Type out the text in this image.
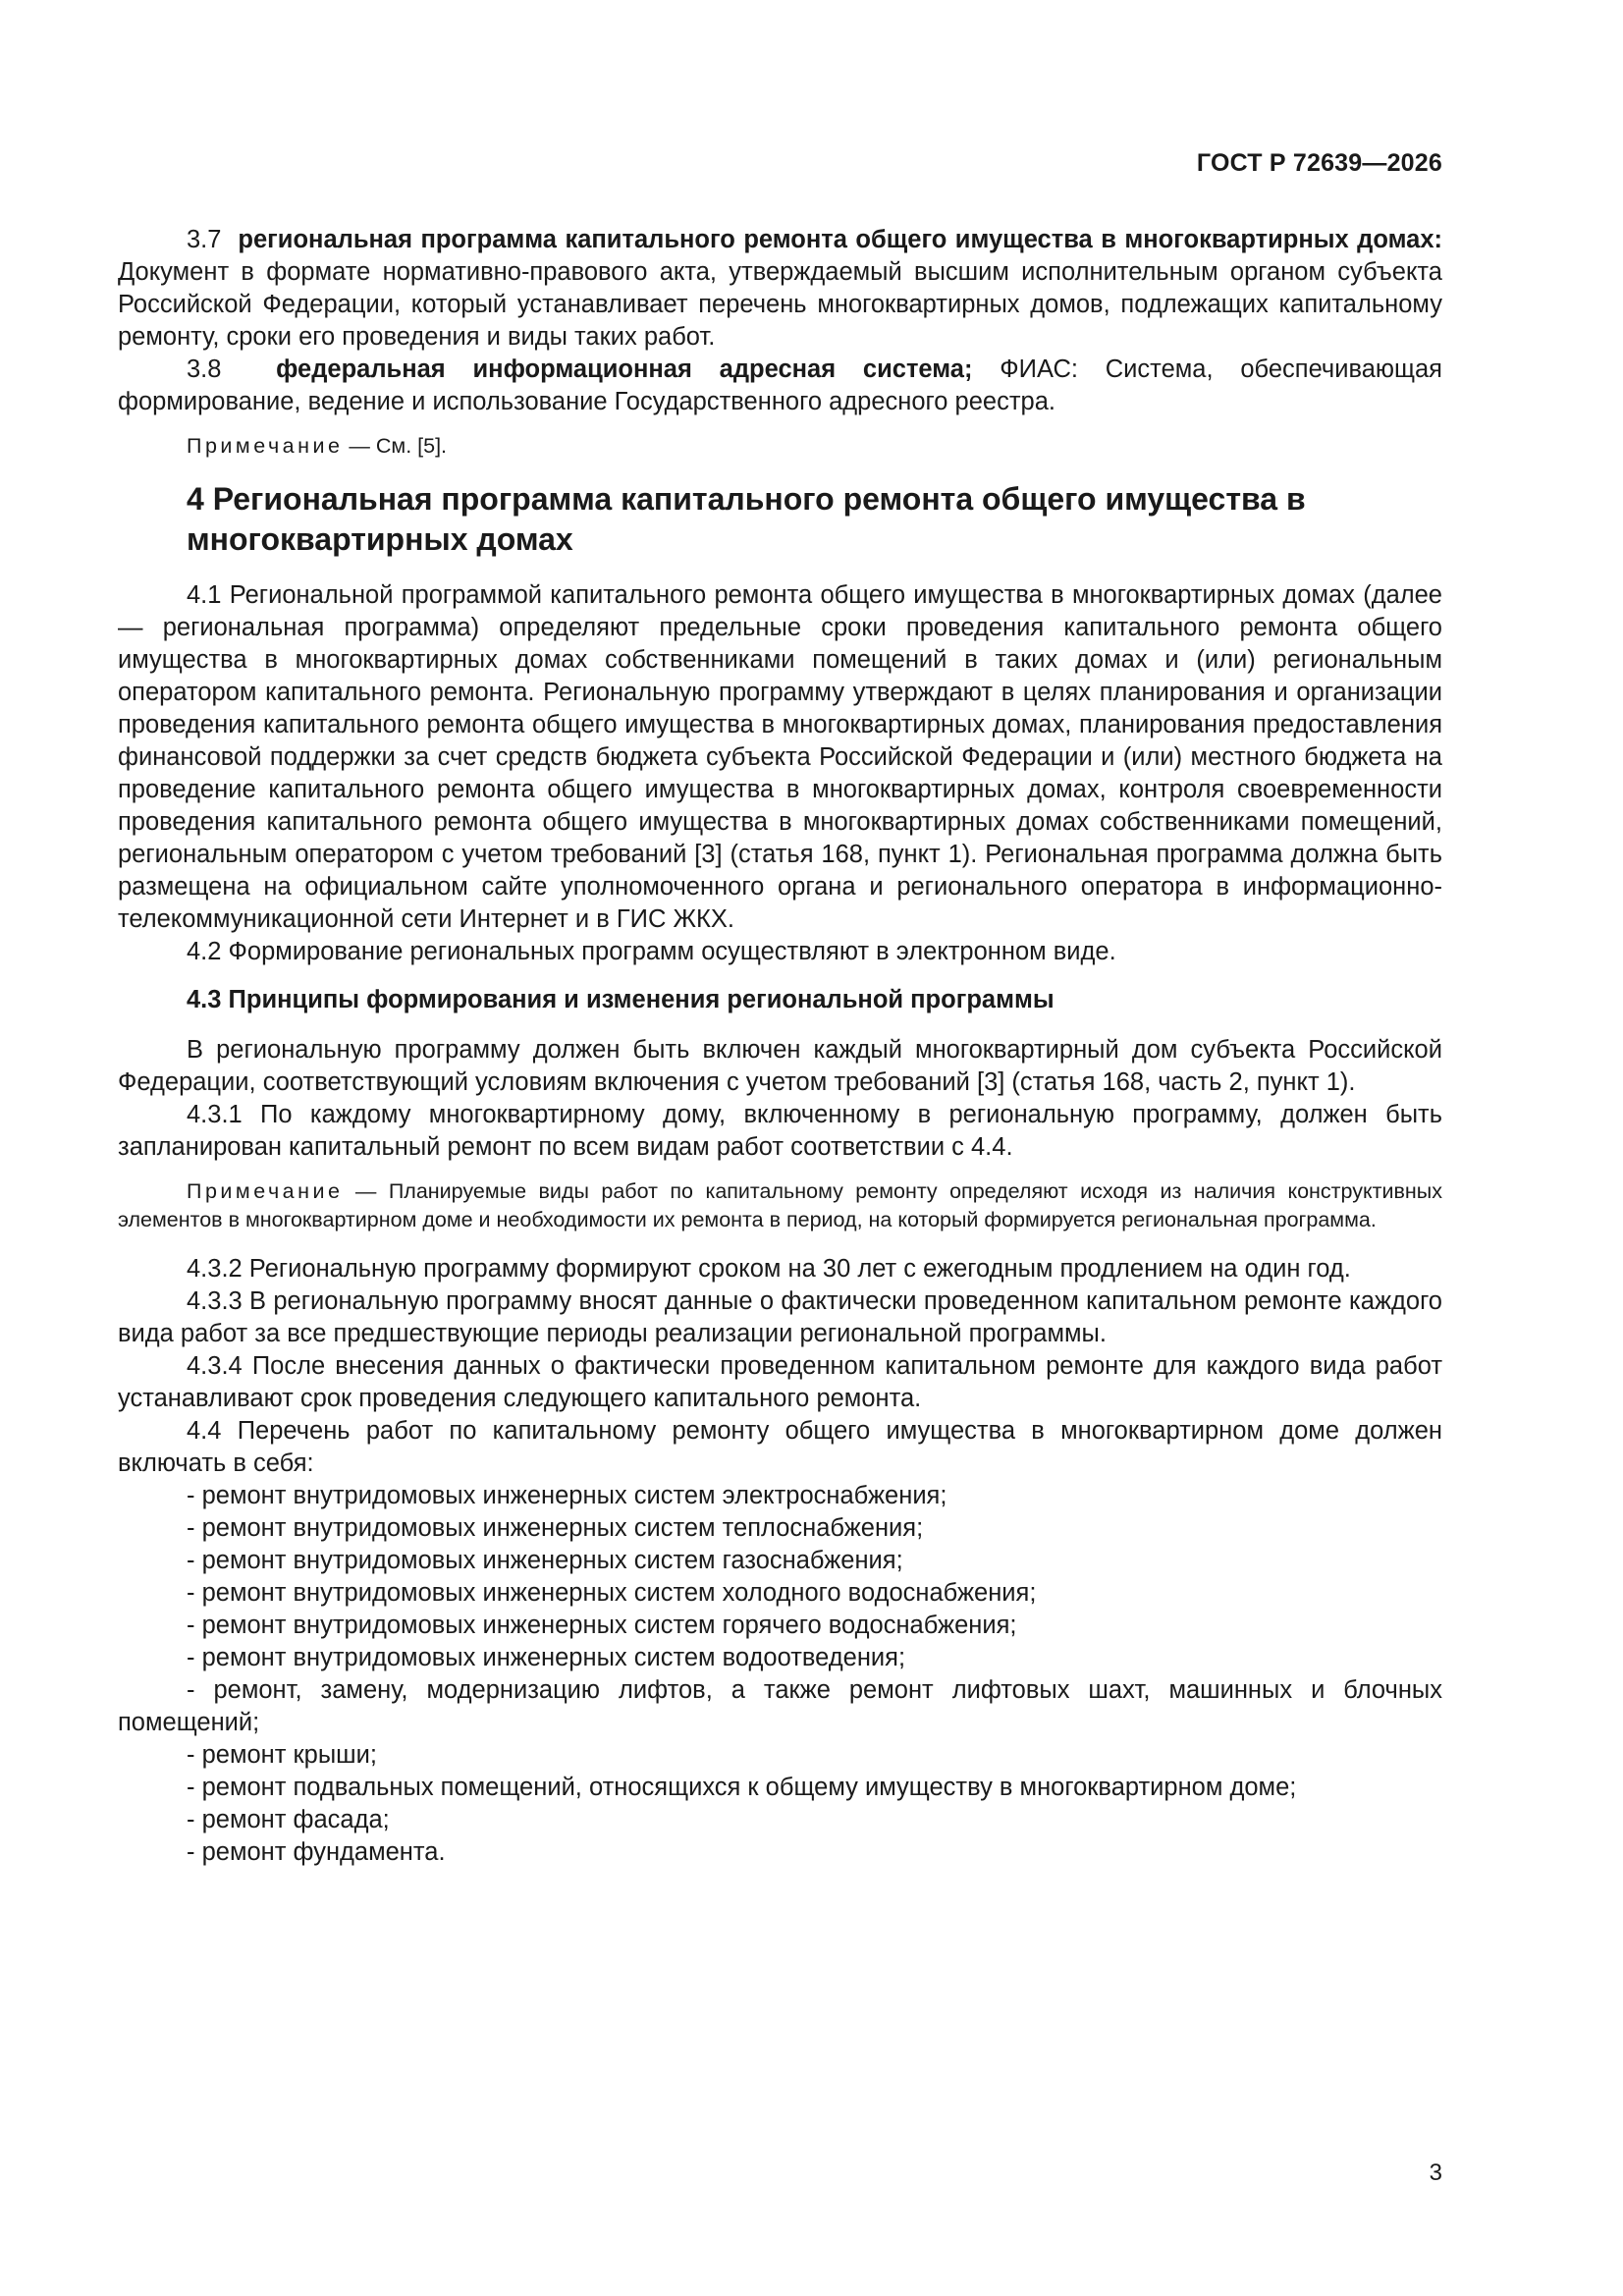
ГОСТ Р 72639—2026

3.7 региональная программа капитального ремонта общего имущества в многоквартирных домах: Документ в формате нормативно-правового акта, утверждаемый высшим исполнительным органом субъекта Российской Федерации, который устанавливает перечень многоквартирных домов, подлежащих капитальному ремонту, сроки его проведения и виды таких работ.

3.8 федеральная информационная адресная система; ФИАС: Система, обеспечивающая формирование, ведение и использование Государственного адресного реестра.

Примечание — См. [5].

4 Региональная программа капитального ремонта общего имущества в многоквартирных домах

4.1 Региональной программой капитального ремонта общего имущества в многоквартирных домах (далее — региональная программа) определяют предельные сроки проведения капитального ремонта общего имущества в многоквартирных домах собственниками помещений в таких домах и (или) региональным оператором капитального ремонта. Региональную программу утверждают в целях планирования и организации проведения капитального ремонта общего имущества в многоквартирных домах, планирования предоставления финансовой поддержки за счет средств бюджета субъекта Российской Федерации и (или) местного бюджета на проведение капитального ремонта общего имущества в многоквартирных домах, контроля своевременности проведения капитального ремонта общего имущества в многоквартирных домах собственниками помещений, региональным оператором с учетом требований [3] (статья 168, пункт 1). Региональная программа должна быть размещена на официальном сайте уполномоченного органа и регионального оператора в информационно-телекоммуникационной сети Интернет и в ГИС ЖКХ.

4.2 Формирование региональных программ осуществляют в электронном виде.

4.3 Принципы формирования и изменения региональной программы

В региональную программу должен быть включен каждый многоквартирный дом субъекта Российской Федерации, соответствующий условиям включения с учетом требований [3] (статья 168, часть 2, пункт 1).

4.3.1 По каждому многоквартирному дому, включенному в региональную программу, должен быть запланирован капитальный ремонт по всем видам работ соответствии с 4.4.

Примечание — Планируемые виды работ по капитальному ремонту определяют исходя из наличия конструктивных элементов в многоквартирном доме и необходимости их ремонта в период, на который формируется региональная программа.

4.3.2 Региональную программу формируют сроком на 30 лет с ежегодным продлением на один год.

4.3.3 В региональную программу вносят данные о фактически проведенном капитальном ремонте каждого вида работ за все предшествующие периоды реализации региональной программы.

4.3.4 После внесения данных о фактически проведенном капитальном ремонте для каждого вида работ устанавливают срок проведения следующего капитального ремонта.

4.4 Перечень работ по капитальному ремонту общего имущества в многоквартирном доме должен включать в себя:

- ремонт внутридомовых инженерных систем электроснабжения;
- ремонт внутридомовых инженерных систем теплоснабжения;
- ремонт внутридомовых инженерных систем газоснабжения;
- ремонт внутридомовых инженерных систем холодного водоснабжения;
- ремонт внутридомовых инженерных систем горячего водоснабжения;
- ремонт внутридомовых инженерных систем водоотведения;
- ремонт, замену, модернизацию лифтов, а также ремонт лифтовых шахт, машинных и блочных помещений;
- ремонт крыши;
- ремонт подвальных помещений, относящихся к общему имуществу в многоквартирном доме;
- ремонт фасада;
- ремонт фундамента.
3
